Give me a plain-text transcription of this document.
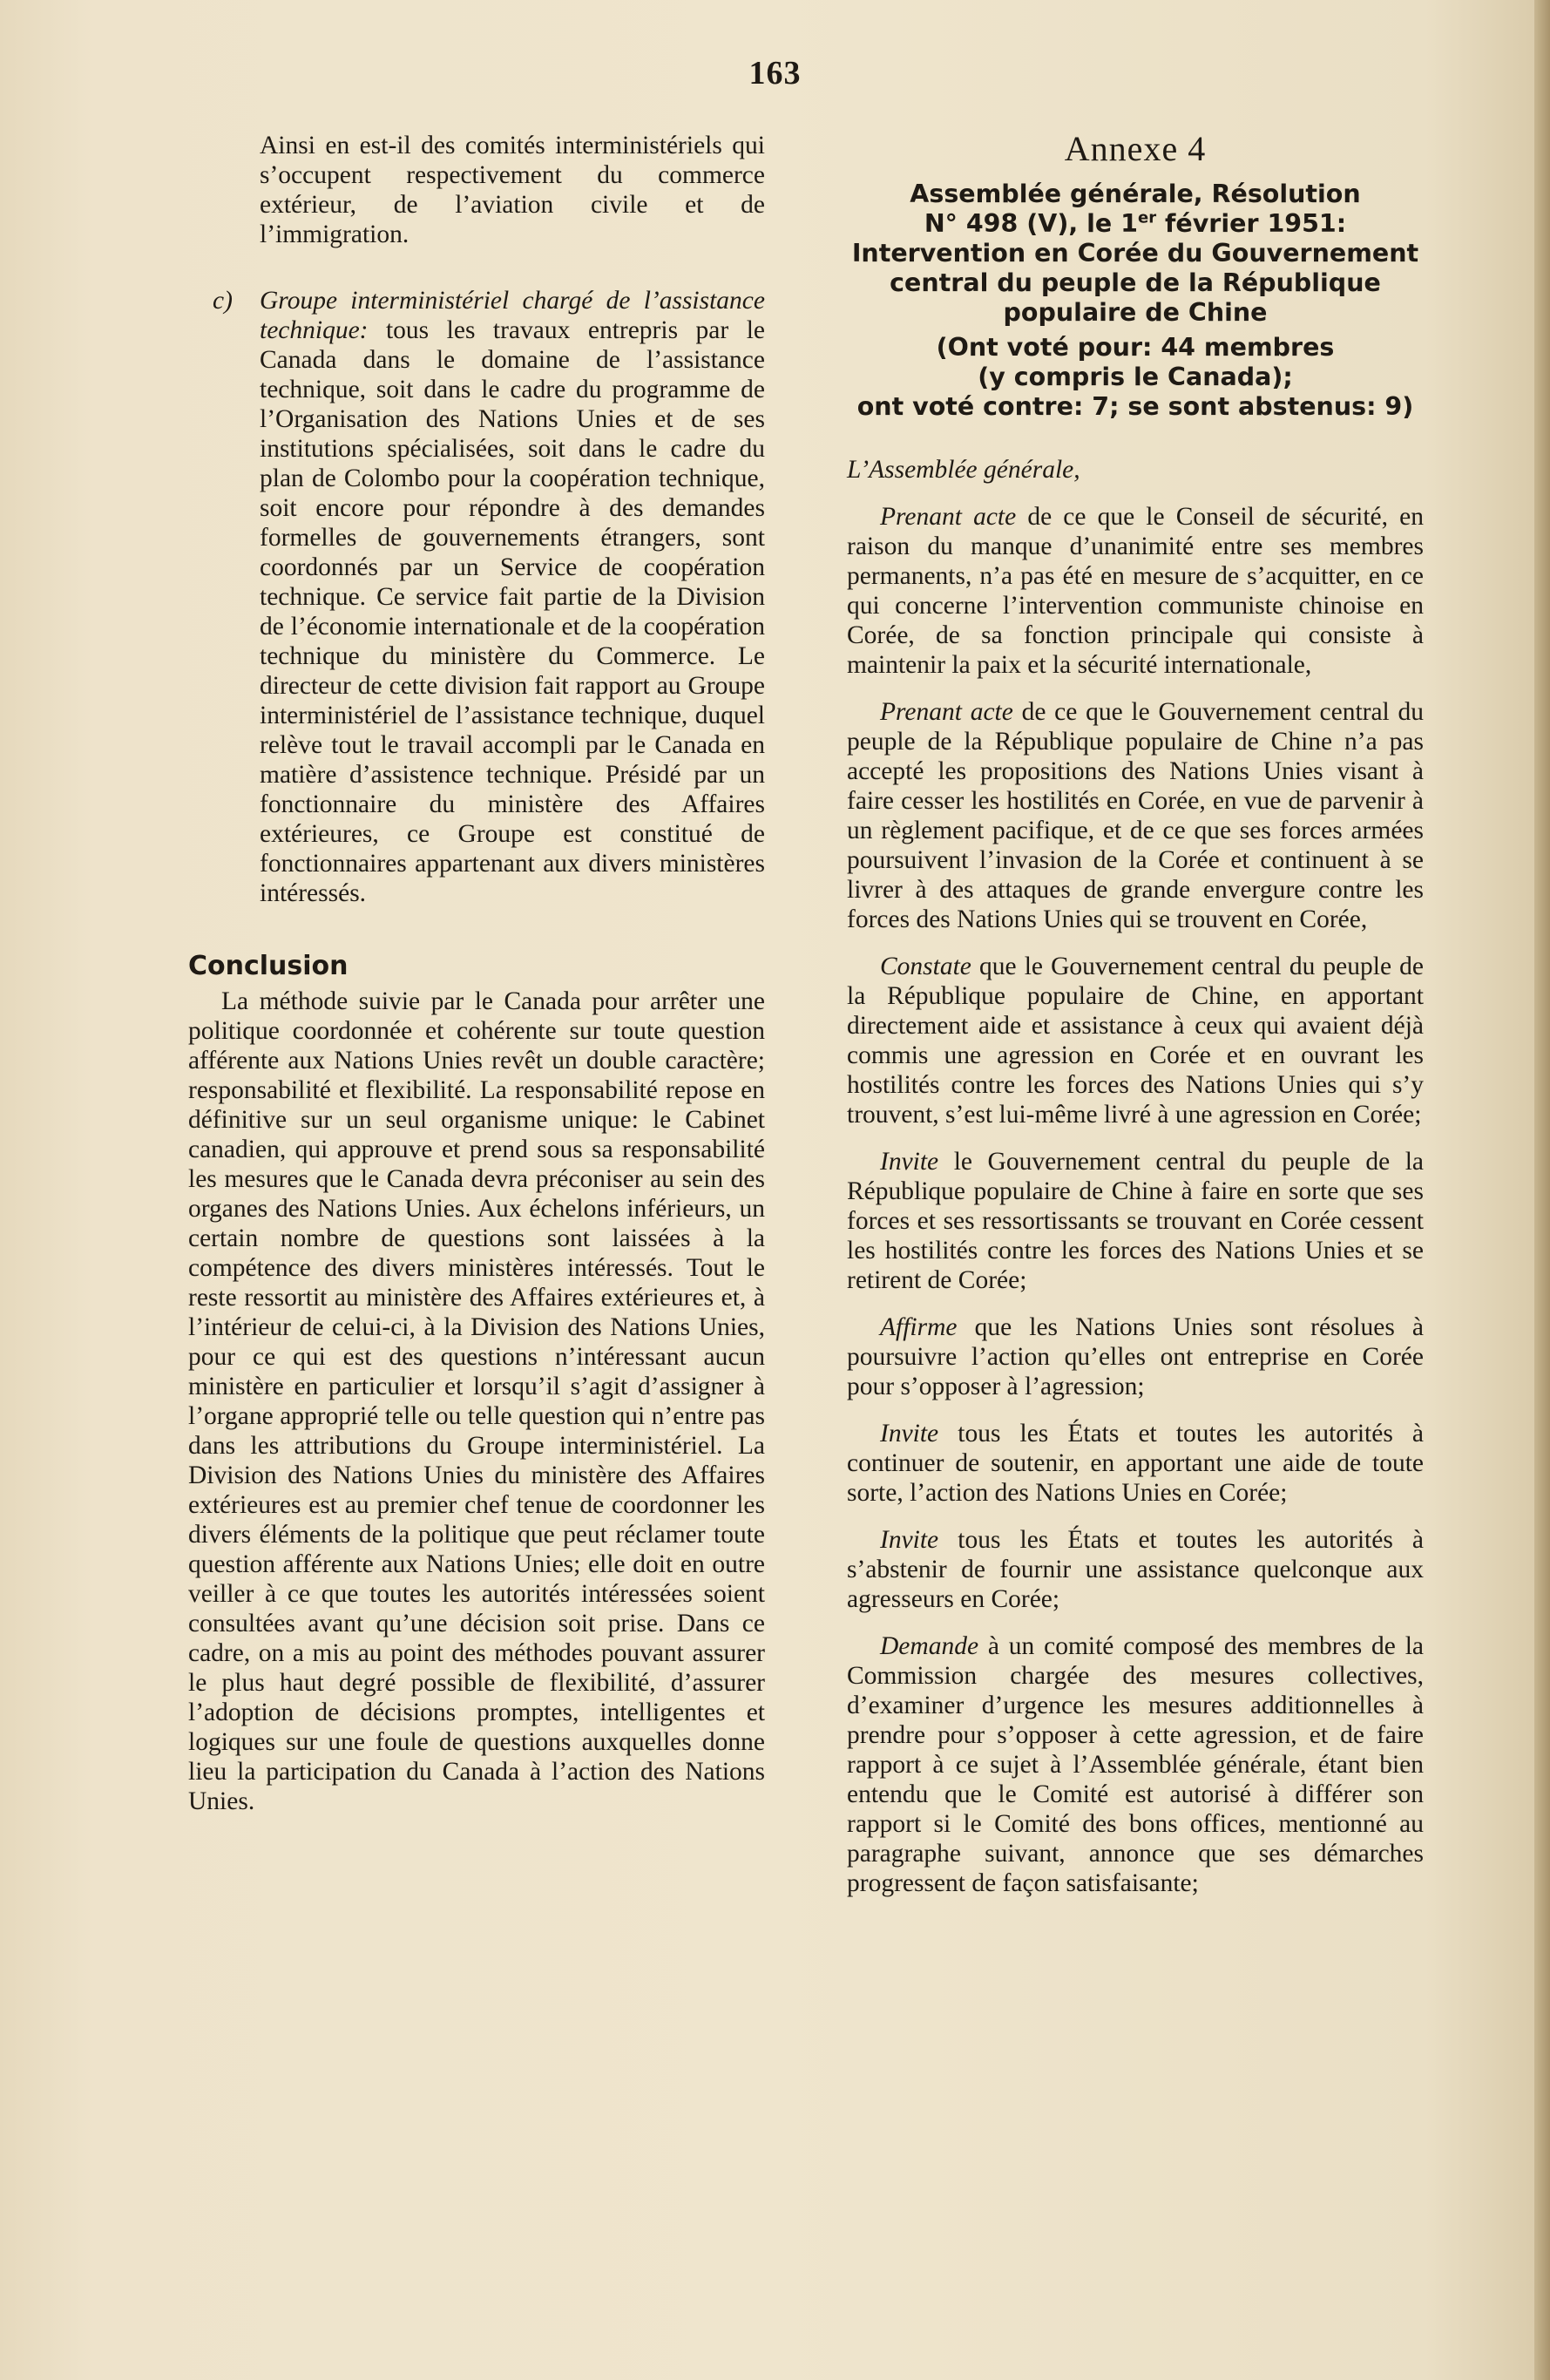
163

Ainsi en est-il des comités interministériels qui s’occupent respectivement du commerce extérieur, de l’aviation civile et de l’immigration.

c) Groupe interministériel chargé de l’assistance technique: tous les travaux entrepris par le Canada dans le domaine de l’assistance technique, soit dans le cadre du programme de l’Organisation des Nations Unies et de ses institutions spécialisées, soit dans le cadre du plan de Colombo pour la coopération technique, soit encore pour répondre à des demandes formelles de gouvernements étrangers, sont coordonnés par un Service de coopération technique. Ce service fait partie de la Division de l’économie internationale et de la coopération technique du ministère du Commerce. Le directeur de cette division fait rapport au Groupe interministériel de l’assistance technique, duquel relève tout le travail accompli par le Canada en matière d’assistence technique. Présidé par un fonctionnaire du ministère des Affaires extérieures, ce Groupe est constitué de fonctionnaires appartenant aux divers ministères intéressés.

Conclusion

La méthode suivie par le Canada pour arrêter une politique coordonnée et cohérente sur toute question afférente aux Nations Unies revêt un double caractère; responsabilité et flexibilité. La responsabilité repose en définitive sur un seul organisme unique: le Cabinet canadien, qui approuve et prend sous sa responsabilité les mesures que le Canada devra préconiser au sein des organes des Nations Unies. Aux échelons inférieurs, un certain nombre de questions sont laissées à la compétence des divers ministères intéressés. Tout le reste ressortit au ministère des Affaires extérieures et, à l’intérieur de celui-ci, à la Division des Nations Unies, pour ce qui est des questions n’intéressant aucun ministère en particulier et lorsqu’il s’agit d’assigner à l’organe approprié telle ou telle question qui n’entre pas dans les attributions du Groupe interministériel. La Division des Nations Unies du ministère des Affaires extérieures est au premier chef tenue de coordonner les divers éléments de la politique que peut réclamer toute question afférente aux Nations Unies; elle doit en outre veiller à ce que toutes les autorités intéressées soient consultées avant qu’une décision soit prise. Dans ce cadre, on a mis au point des méthodes pouvant assurer le plus haut degré possible de flexibilité, d’assurer l’adoption de décisions promptes, intelligentes et logiques sur une foule de questions auxquelles donne lieu la participation du Canada à l’action des Nations Unies.

Annexe 4
Assemblée générale, Résolution
N° 498 (V), le 1er février 1951:
Intervention en Corée du Gouvernement central du peuple de la République populaire de Chine
(Ont voté pour: 44 membres
(y compris le Canada);
ont voté contre: 7; se sont abstenus: 9)

L’Assemblée générale,

Prenant acte de ce que le Conseil de sécurité, en raison du manque d’unanimité entre ses membres permanents, n’a pas été en mesure de s’acquitter, en ce qui concerne l’intervention communiste chinoise en Corée, de sa fonction principale qui consiste à maintenir la paix et la sécurité internationale,

Prenant acte de ce que le Gouvernement central du peuple de la République populaire de Chine n’a pas accepté les propositions des Nations Unies visant à faire cesser les hostilités en Corée, en vue de parvenir à un règlement pacifique, et de ce que ses forces armées poursuivent l’invasion de la Corée et continuent à se livrer à des attaques de grande envergure contre les forces des Nations Unies qui se trouvent en Corée,

Constate que le Gouvernement central du peuple de la République populaire de Chine, en apportant directement aide et assistance à ceux qui avaient déjà commis une agression en Corée et en ouvrant les hostilités contre les forces des Nations Unies qui s’y trouvent, s’est lui-même livré à une agression en Corée;

Invite le Gouvernement central du peuple de la République populaire de Chine à faire en sorte que ses forces et ses ressortissants se trouvant en Corée cessent les hostilités contre les forces des Nations Unies et se retirent de Corée;

Affirme que les Nations Unies sont résolues à poursuivre l’action qu’elles ont entreprise en Corée pour s’opposer à l’agression;

Invite tous les États et toutes les autorités à continuer de soutenir, en apportant une aide de toute sorte, l’action des Nations Unies en Corée;

Invite tous les États et toutes les autorités à s’abstenir de fournir une assistance quelconque aux agresseurs en Corée;

Demande à un comité composé des membres de la Commission chargée des mesures collectives, d’examiner d’urgence les mesures additionnelles à prendre pour s’opposer à cette agression, et de faire rapport à ce sujet à l’Assemblée générale, étant bien entendu que le Comité est autorisé à différer son rapport si le Comité des bons offices, mentionné au paragraphe suivant, annonce que ses démarches progressent de façon satisfaisante;
